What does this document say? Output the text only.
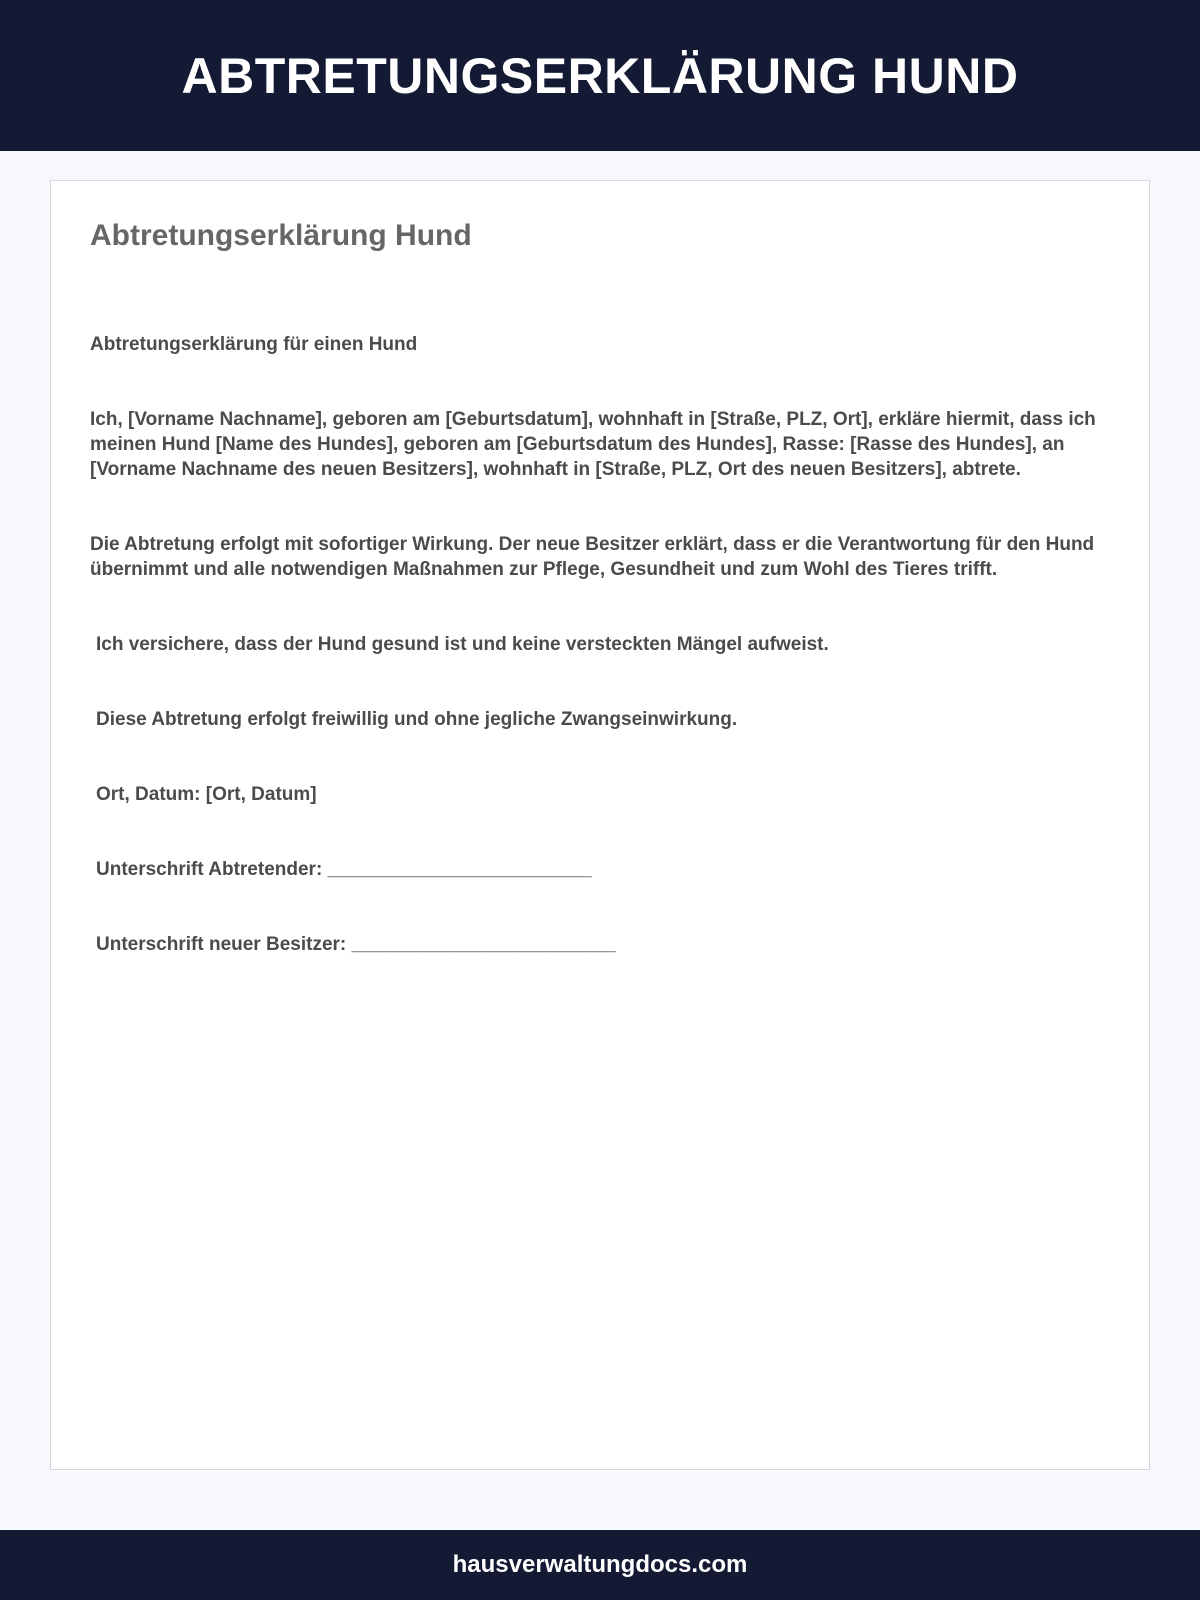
ABTRETUNGSERKLÄRUNG HUND
Abtretungserklärung Hund

Abtretungserklärung für einen Hund

Ich, [Vorname Nachname], geboren am [Geburtsdatum], wohnhaft in [Straße, PLZ, Ort], erkläre hiermit, dass ich meinen Hund [Name des Hundes], geboren am [Geburtsdatum des Hundes], Rasse: [Rasse des Hundes], an [Vorname Nachname des neuen Besitzers], wohnhaft in [Straße, PLZ, Ort des neuen Besitzers], abtrete.

Die Abtretung erfolgt mit sofortiger Wirkung. Der neue Besitzer erklärt, dass er die Verantwortung für den Hund übernimmt und alle notwendigen Maßnahmen zur Pflege, Gesundheit und zum Wohl des Tieres trifft.

Ich versichere, dass der Hund gesund ist und keine versteckten Mängel aufweist.

Diese Abtretung erfolgt freiwillig und ohne jegliche Zwangseinwirkung.

Ort, Datum: [Ort, Datum]

Unterschrift Abtretender: _________________________

Unterschrift neuer Besitzer: _________________________

hausverwaltungdocs.com
